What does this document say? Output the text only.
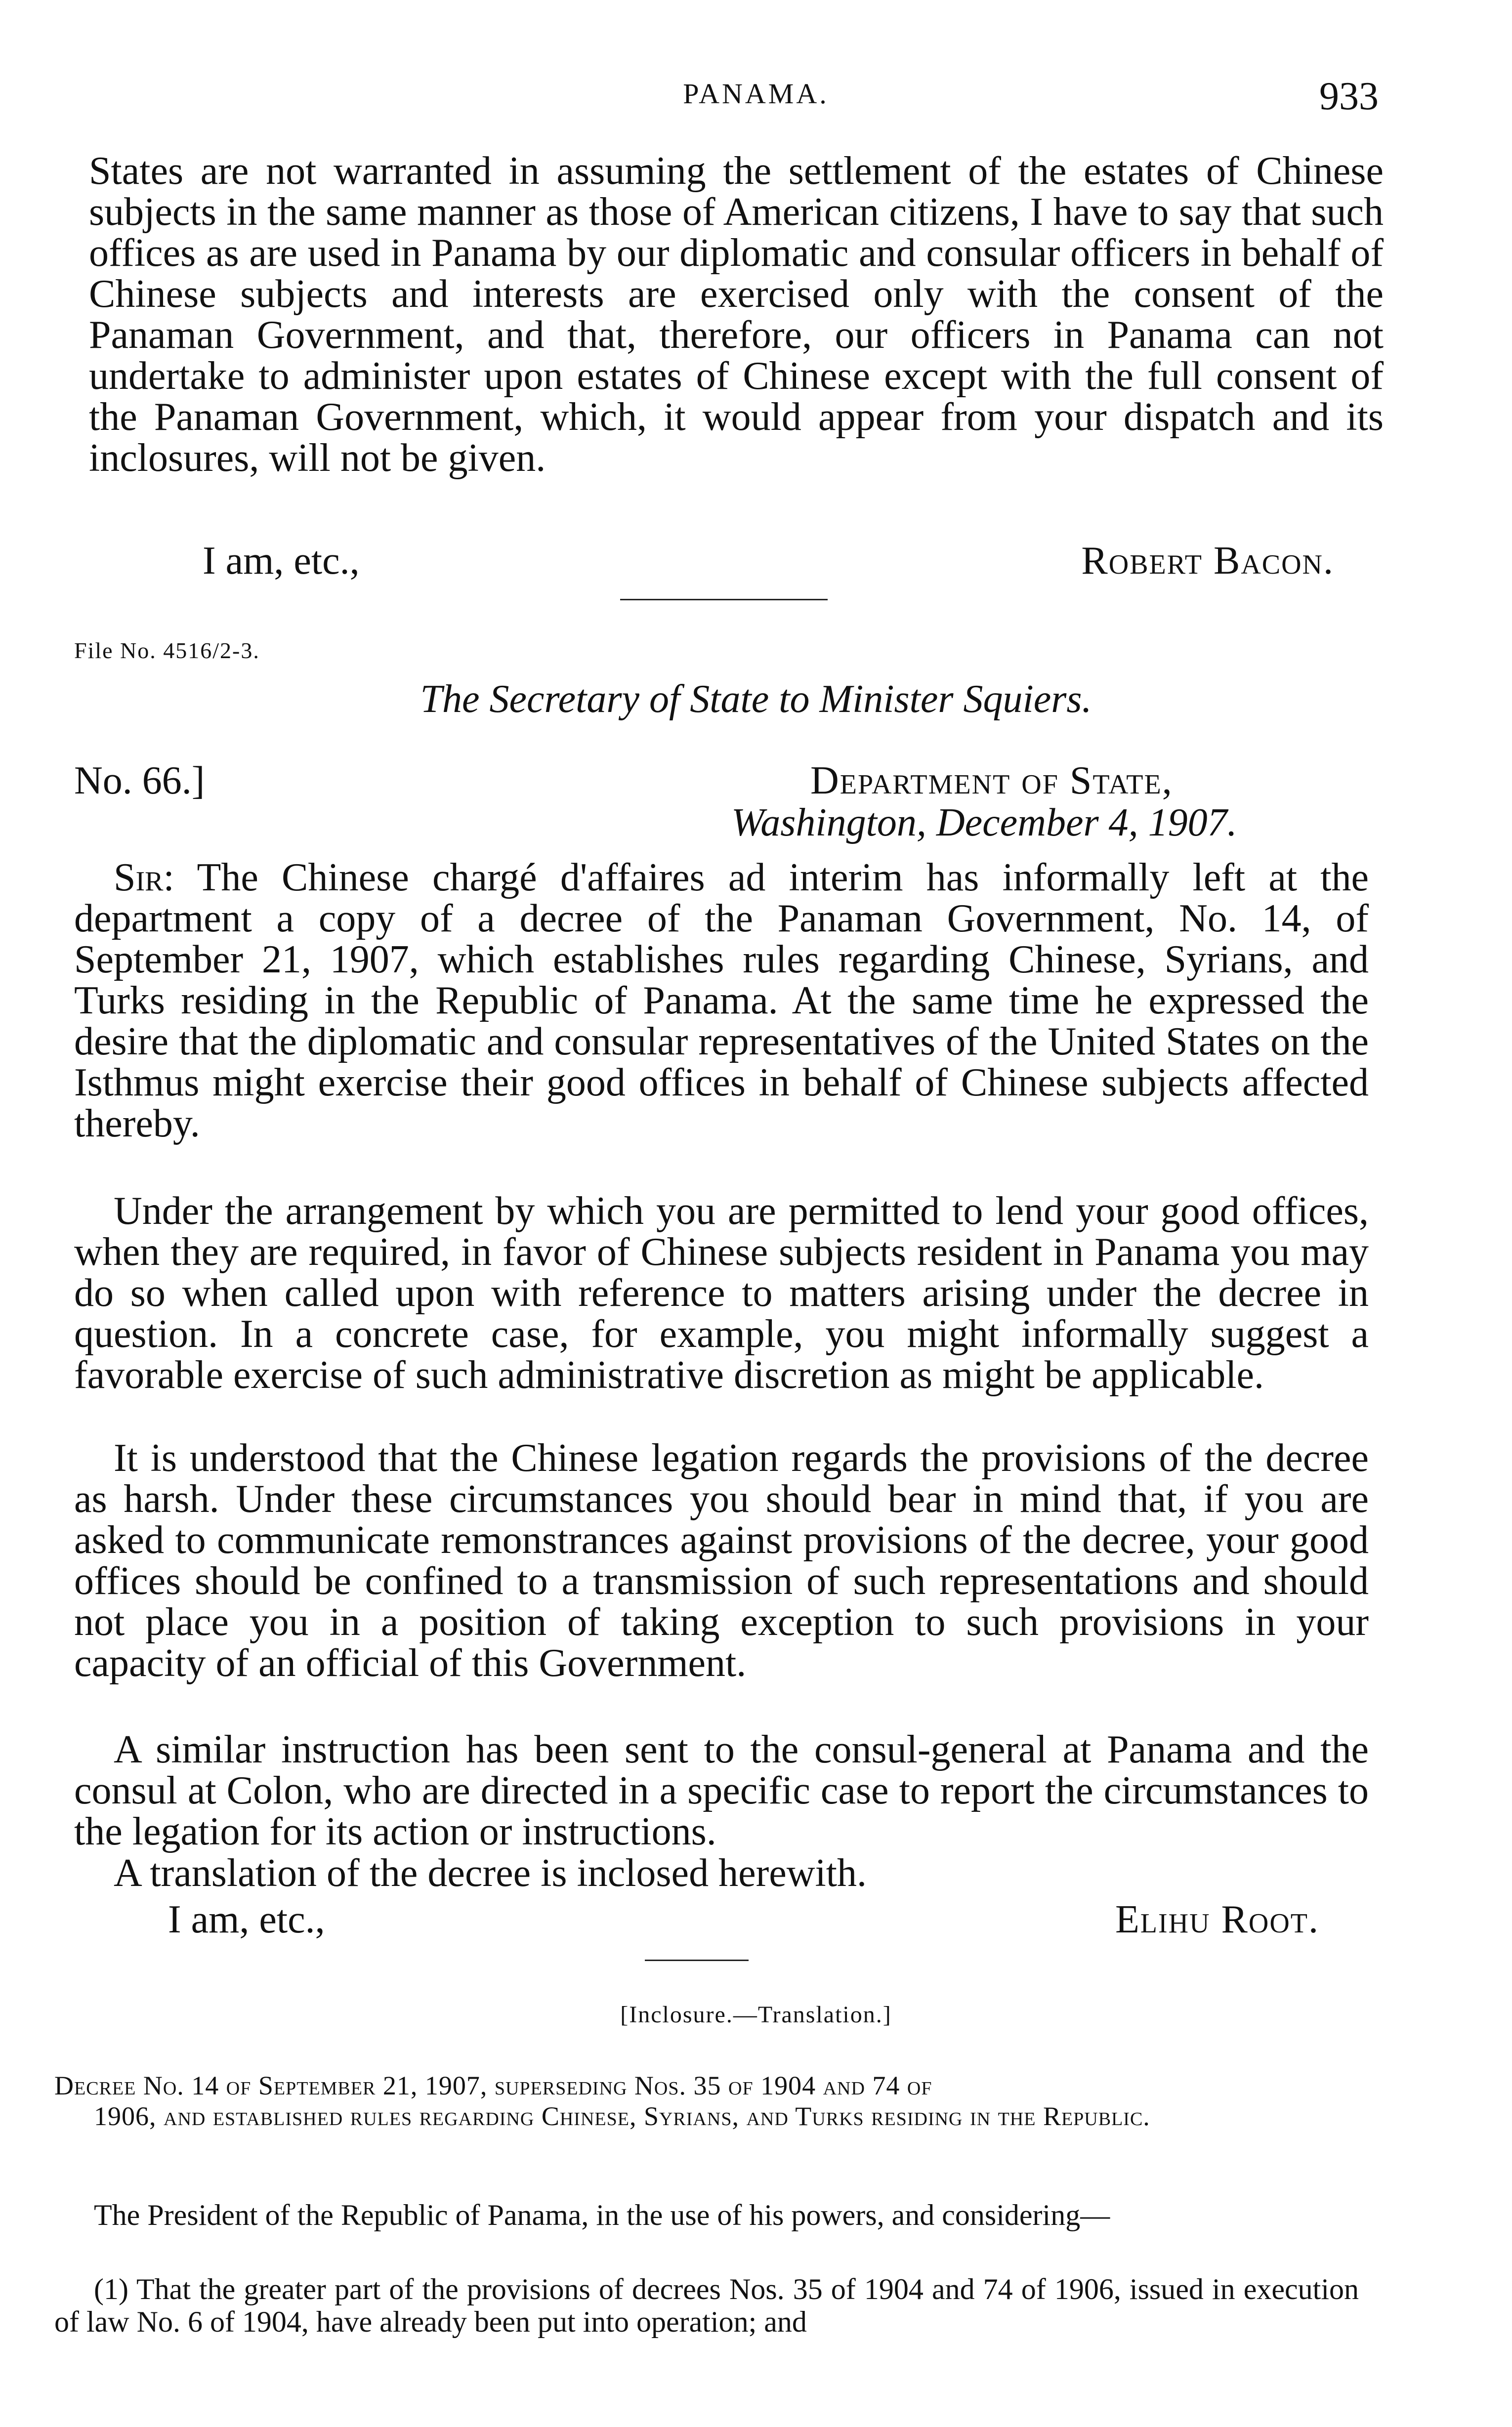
PANAMA.	933
States are not warranted in assuming the settlement of the estates of Chinese subjects in the same manner as those of American citizens, I have to say that such offices as are used in Panama by our diplomatic and consular officers in behalf of Chinese subjects and interests are exercised only with the consent of the Panaman Government, and that, therefore, our officers in Panama can not undertake to administer upon estates of Chinese except with the full consent of the Panaman Government, which, it would appear from your dispatch and its inclosures, will not be given.
I am, etc.,	Robert Bacon.
File No. 4516/2-3.
The Secretary of State to Minister Squiers.
No. 66.]	Department of State,
Washington, December 4, 1907.
Sir: The Chinese chargé d'affaires ad interim has informally left at the department a copy of a decree of the Panaman Government, No. 14, of September 21, 1907, which establishes rules regarding Chinese, Syrians, and Turks residing in the Republic of Panama. At the same time he expressed the desire that the diplomatic and consular representatives of the United States on the Isthmus might exercise their good offices in behalf of Chinese subjects affected thereby.
Under the arrangement by which you are permitted to lend your good offices, when they are required, in favor of Chinese subjects resident in Panama you may do so when called upon with reference to matters arising under the decree in question. In a concrete case, for example, you might informally suggest a favorable exercise of such administrative discretion as might be applicable.
It is understood that the Chinese legation regards the provisions of the decree as harsh. Under these circumstances you should bear in mind that, if you are asked to communicate remonstrances against provisions of the decree, your good offices should be confined to a transmission of such representations and should not place you in a position of taking exception to such provisions in your capacity of an official of this Government.
A similar instruction has been sent to the consul-general at Panama and the consul at Colon, who are directed in a specific case to report the circumstances to the legation for its action or instructions.
A translation of the decree is inclosed herewith.
I am, etc.,	Elihu Root.
[Inclosure.—Translation.]
Decree No. 14 of September 21, 1907, superseding Nos. 35 of 1904 and 74 of
1906, and established rules regarding Chinese, Syrians, and Turks residing in the Republic.
The President of the Republic of Panama, in the use of his powers, and considering—
(1) That the greater part of the provisions of decrees Nos. 35 of 1904 and 74 of 1906, issued in execution of law No. 6 of 1904, have already been put into operation; and
